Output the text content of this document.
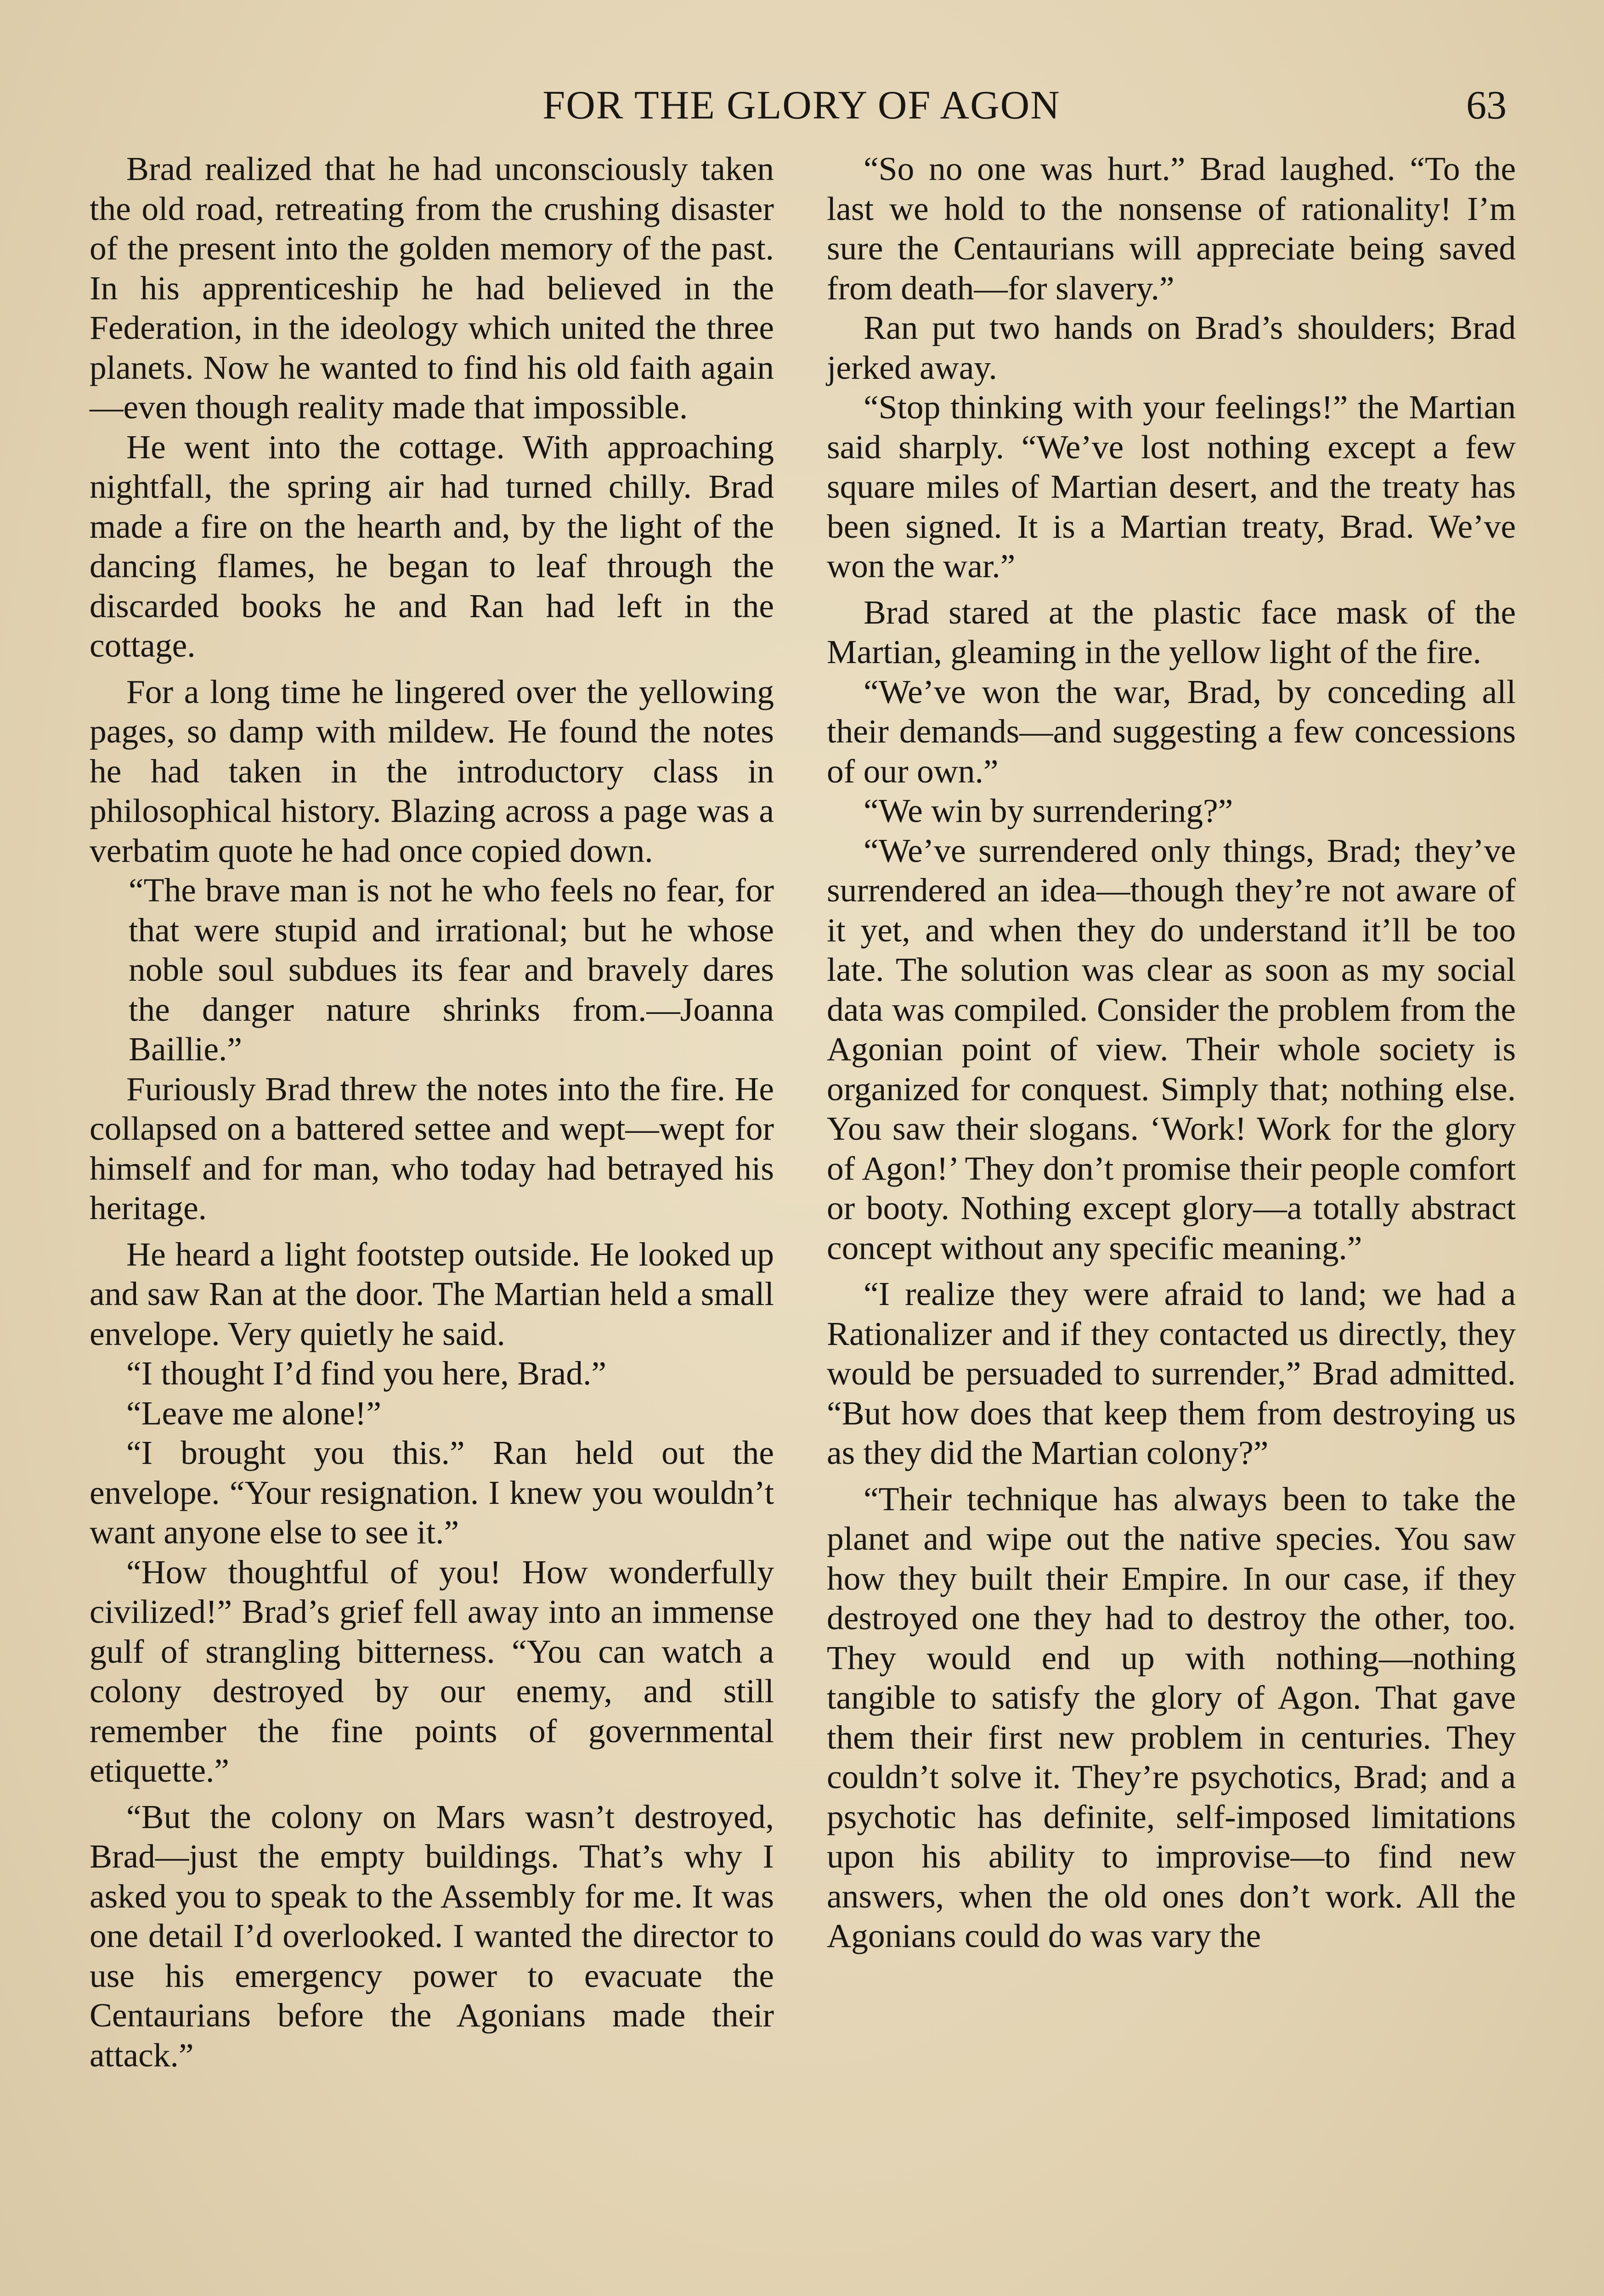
FOR THE GLORY OF AGON	63

Brad realized that he had unconsciously taken the old road, retreating from the crushing disaster of the present into the golden memory of the past. In his apprenticeship he had believed in the Federation, in the ideology which united the three planets. Now he wanted to find his old faith again—even though reality made that impossible.

He went into the cottage. With approaching nightfall, the spring air had turned chilly. Brad made a fire on the hearth and, by the light of the dancing flames, he began to leaf through the discarded books he and Ran had left in the cottage.

For a long time he lingered over the yellowing pages, so damp with mildew. He found the notes he had taken in the introductory class in philosophical history. Blazing across a page was a verbatim quote he had once copied down.

“The brave man is not he who feels no fear, for that were stupid and irrational; but he whose noble soul subdues its fear and bravely dares the danger nature shrinks from.—Joanna Baillie.”

Furiously Brad threw the notes into the fire. He collapsed on a battered settee and wept—wept for himself and for man, who today had betrayed his heritage.

He heard a light footstep outside. He looked up and saw Ran at the door. The Martian held a small envelope. Very quietly he said.

“I thought I’d find you here, Brad.”

“Leave me alone!”

“I brought you this.” Ran held out the envelope. “Your resignation. I knew you wouldn’t want anyone else to see it.”

“How thoughtful of you! How wonderfully civilized!” Brad’s grief fell away into an immense gulf of strangling bitterness. “You can watch a colony destroyed by our enemy, and still remember the fine points of governmental etiquette.”

“But the colony on Mars wasn’t destroyed, Brad—just the empty buildings. That’s why I asked you to speak to the Assembly for me. It was one detail I’d overlooked. I wanted the director to use his emergency power to evacuate the Centaurians before the Agonians made their attack.”

“So no one was hurt.” Brad laughed. “To the last we hold to the nonsense of rationality! I’m sure the Centaurians will appreciate being saved from death—for slavery.”

Ran put two hands on Brad’s shoulders; Brad jerked away.

“Stop thinking with your feelings!” the Martian said sharply. “We’ve lost nothing except a few square miles of Martian desert, and the treaty has been signed. It is a Martian treaty, Brad. We’ve won the war.”

Brad stared at the plastic face mask of the Martian, gleaming in the yellow light of the fire.

“We’ve won the war, Brad, by conceding all their demands—and suggesting a few concessions of our own.”

“We win by surrendering?”

“We’ve surrendered only things, Brad; they’ve surrendered an idea—though they’re not aware of it yet, and when they do understand it’ll be too late. The solution was clear as soon as my social data was compiled. Consider the problem from the Agonian point of view. Their whole society is organized for conquest. Simply that; nothing else. You saw their slogans. ‘Work! Work for the glory of Agon!’ They don’t promise their people comfort or booty. Nothing except glory—a totally abstract concept without any specific meaning.”

“I realize they were afraid to land; we had a Rationalizer and if they contacted us directly, they would be persuaded to surrender,” Brad admitted. “But how does that keep them from destroying us as they did the Martian colony?”

“Their technique has always been to take the planet and wipe out the native species. You saw how they built their Empire. In our case, if they destroyed one they had to destroy the other, too. They would end up with nothing—nothing tangible to satisfy the glory of Agon. That gave them their first new problem in centuries. They couldn’t solve it. They’re psychotics, Brad; and a psychotic has definite, self-imposed limitations upon his ability to improvise—to find new answers, when the old ones don’t work. All the Agonians could do was vary the
